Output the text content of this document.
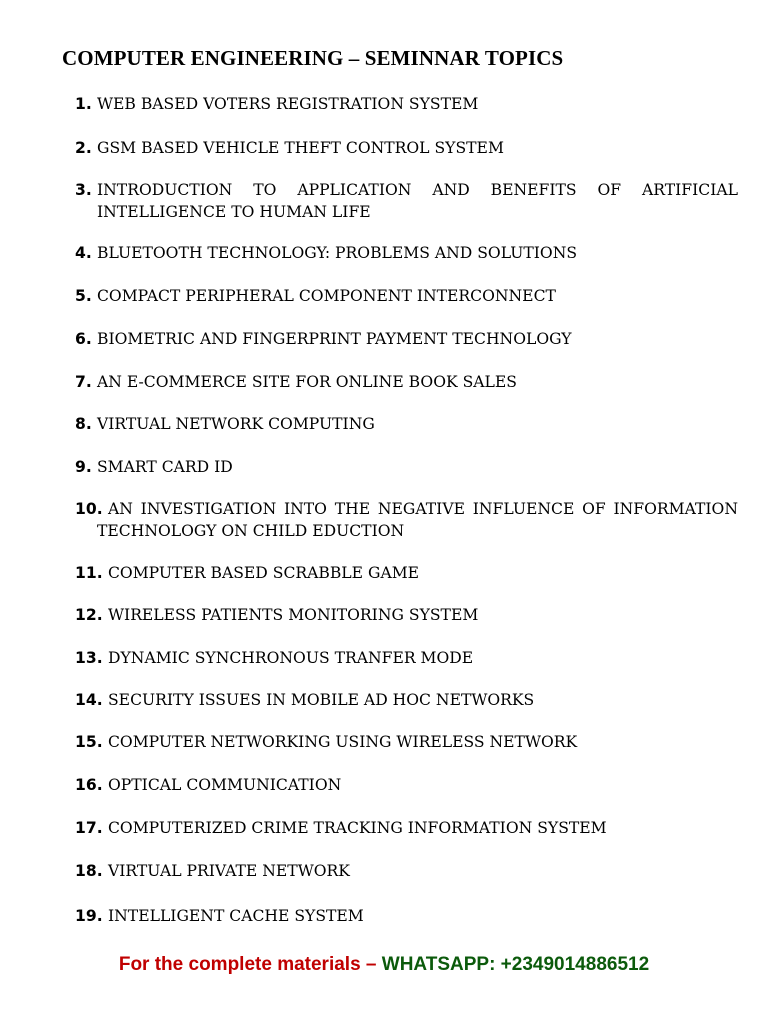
COMPUTER ENGINEERING – SEMINNAR TOPICS
1. WEB BASED VOTERS REGISTRATION SYSTEM
2. GSM BASED VEHICLE THEFT CONTROL SYSTEM
3. INTRODUCTION TO APPLICATION AND BENEFITS OF ARTIFICIAL INTELLIGENCE TO HUMAN LIFE
4. BLUETOOTH TECHNOLOGY: PROBLEMS AND SOLUTIONS
5. COMPACT PERIPHERAL COMPONENT INTERCONNECT
6. BIOMETRIC AND FINGERPRINT PAYMENT TECHNOLOGY
7. AN E-COMMERCE SITE FOR ONLINE BOOK SALES
8. VIRTUAL NETWORK COMPUTING
9. SMART CARD ID
10. AN INVESTIGATION INTO THE NEGATIVE INFLUENCE OF INFORMATION TECHNOLOGY ON CHILD EDUCTION
11. COMPUTER BASED SCRABBLE GAME
12. WIRELESS PATIENTS MONITORING SYSTEM
13. DYNAMIC SYNCHRONOUS TRANFER MODE
14. SECURITY ISSUES IN MOBILE AD HOC NETWORKS
15. COMPUTER NETWORKING USING WIRELESS NETWORK
16. OPTICAL COMMUNICATION
17. COMPUTERIZED CRIME TRACKING INFORMATION SYSTEM
18. VIRTUAL PRIVATE NETWORK
19. INTELLIGENT CACHE SYSTEM
For the complete materials – WHATSAPP: +2349014886512
